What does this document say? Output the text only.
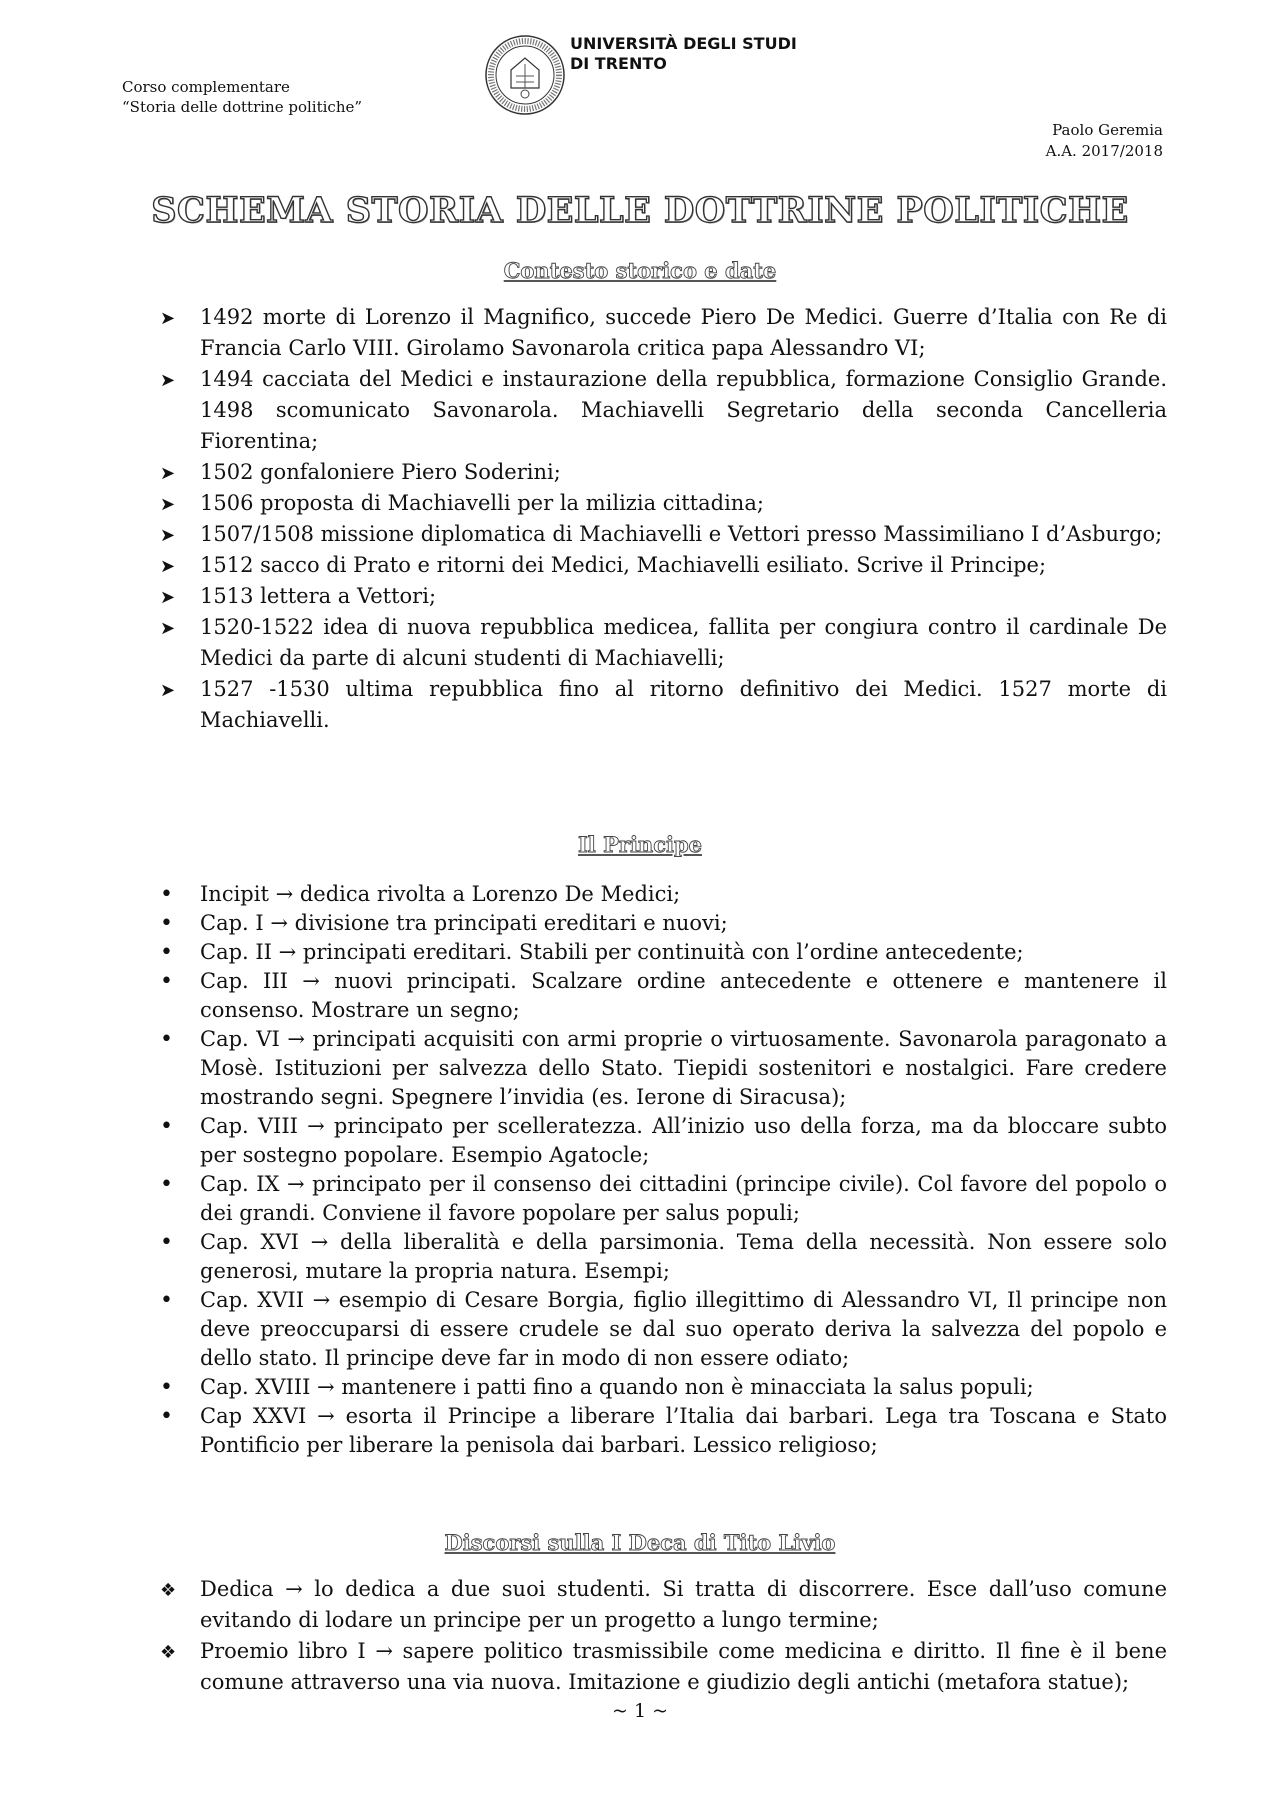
Corso complementare
“Storia delle dottrine politiche”
UNIVERSITÀ DEGLI STUDI
DI TRENTO
Paolo Geremia
A.A. 2017/2018
SCHEMA STORIA DELLE DOTTRINE POLITICHE
Contesto storico e date
➤
1492 morte di Lorenzo il Magnifico, succede Piero De Medici. Guerre d’Italia con Re di Francia Carlo VIII. Girolamo Savonarola critica papa Alessandro VI;
➤
1494 cacciata del Medici e instaurazione della repubblica, formazione Consiglio Grande. 1498 scomunicato Savonarola. Machiavelli Segretario della seconda Cancelleria Fiorentina;
➤
1502 gonfaloniere Piero Soderini;
➤
1506 proposta di Machiavelli per la milizia cittadina;
➤
1507/1508 missione diplomatica di Machiavelli e Vettori presso Massimiliano I d’Asburgo;
➤
1512 sacco di Prato e ritorni dei Medici, Machiavelli esiliato. Scrive il Principe;
➤
1513 lettera a Vettori;
➤
1520-1522 idea di nuova repubblica medicea, fallita per congiura contro il cardinale De Medici da parte di alcuni studenti di Machiavelli;
➤
1527 -1530 ultima repubblica fino al ritorno definitivo dei Medici. 1527 morte di Machiavelli.
Il Principe
•
Incipit → dedica rivolta a Lorenzo De Medici;
•
Cap. I → divisione tra principati ereditari e nuovi;
•
Cap. II → principati ereditari. Stabili per continuità con l’ordine antecedente;
•
Cap. III → nuovi principati. Scalzare ordine antecedente e ottenere e mantenere il consenso. Mostrare un segno;
•
Cap. VI → principati acquisiti con armi proprie o virtuosamente. Savonarola paragonato a Mosè. Istituzioni per salvezza dello Stato. Tiepidi sostenitori e nostalgici. Fare credere mostrando segni. Spegnere l’invidia (es. Ierone di Siracusa);
•
Cap. VIII → principato per scelleratezza. All’inizio uso della forza, ma da bloccare subto per sostegno popolare. Esempio Agatocle;
•
Cap. IX → principato per il consenso dei cittadini (principe civile). Col favore del popolo o dei grandi. Conviene il favore popolare per salus populi;
•
Cap. XVI → della liberalità e della parsimonia. Tema della necessità. Non essere solo generosi, mutare la propria natura. Esempi;
•
Cap. XVII → esempio di Cesare Borgia, figlio illegittimo di Alessandro VI, Il principe non deve preoccuparsi di essere crudele se dal suo operato deriva la salvezza del popolo e dello stato. Il principe deve far in modo di non essere odiato;
•
Cap. XVIII → mantenere i patti fino a quando non è minacciata la salus populi;
•
Cap XXVI → esorta il Principe a liberare l’Italia dai barbari. Lega tra Toscana e Stato Pontificio per liberare la penisola dai barbari. Lessico religioso;
Discorsi sulla I Deca di Tito Livio
❖
Dedica → lo dedica a due suoi studenti. Si tratta di discorrere. Esce dall’uso comune evitando di lodare un principe per un progetto a lungo termine;
❖
Proemio libro I → sapere politico trasmissibile come medicina e diritto. Il fine è il bene comune attraverso una via nuova. Imitazione e giudizio degli antichi (metafora statue);
~ 1 ~
